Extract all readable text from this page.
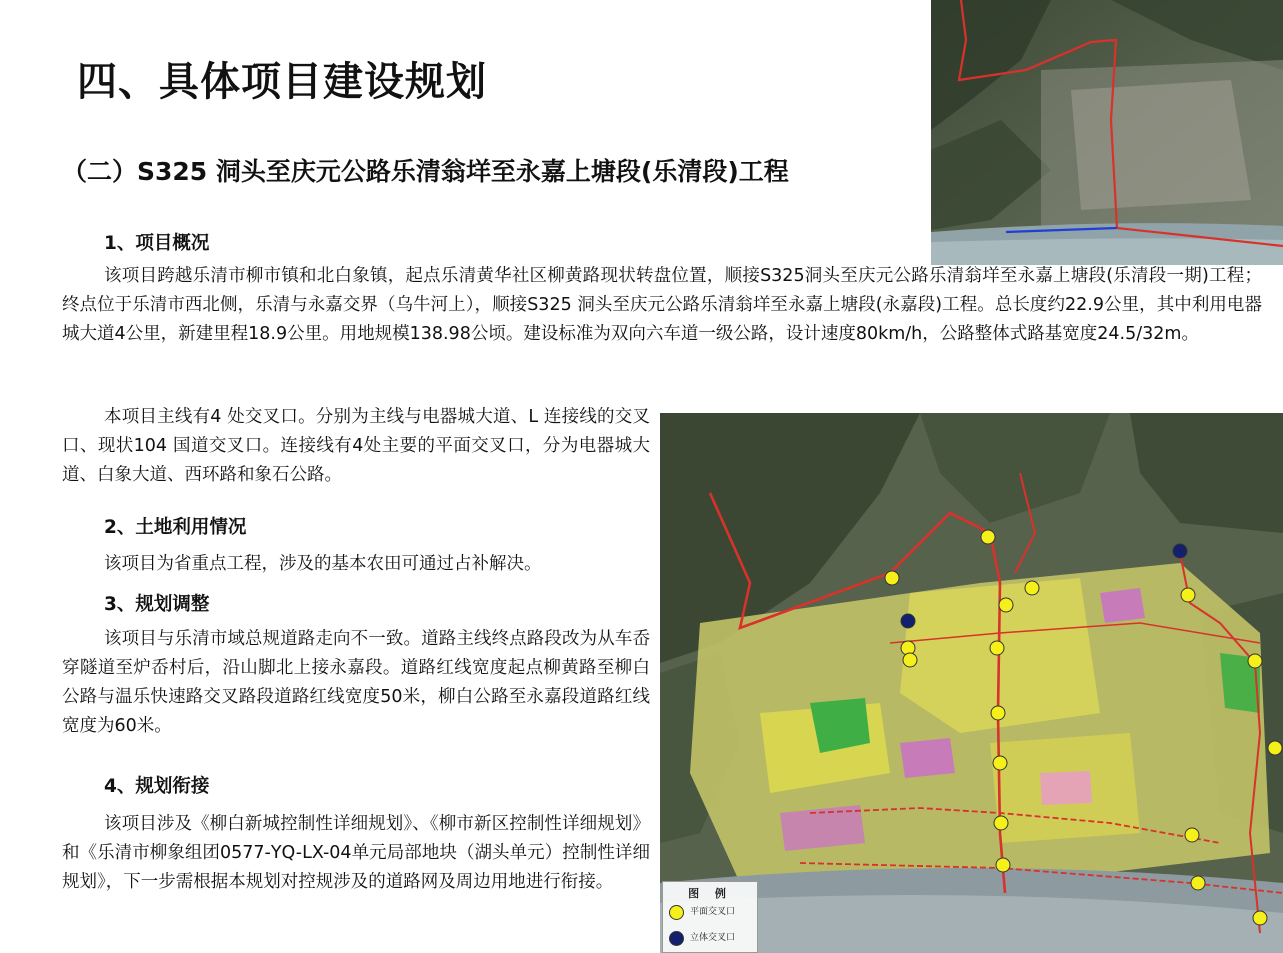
四、具体项目建设规划
（二）S325 洞头至庆元公路乐清翁垟至永嘉上塘段(乐清段)工程
1、项目概况

该项目跨越乐清市柳市镇和北白象镇，起点乐清黄华社区柳黄路现状转盘位置，顺接S325洞头至庆元公路乐清翁垟至永嘉上塘段(乐清段一期)工程；终点位于乐清市西北侧，乐清与永嘉交界（乌牛河上），顺接S325 洞头至庆元公路乐清翁垟至永嘉上塘段(永嘉段)工程。总长度约22.9公里，其中利用电器城大道4公里，新建里程18.9公里。用地规模138.98公顷。建设标准为双向六车道一级公路，设计速度80km/h，公路整体式路基宽度24.5/32m。

本项目主线有4 处交叉口。分别为主线与电器城大道、L 连接线的交叉口、现状104 国道交叉口。连接线有4处主要的平面交叉口，分为电器城大道、白象大道、西环路和象石公路。

2、土地利用情况

该项目为省重点工程，涉及的基本农田可通过占补解决。

3、规划调整

该项目与乐清市域总规道路走向不一致。道路主线终点路段改为从车岙穿隧道至炉岙村后，沿山脚北上接永嘉段。道路红线宽度起点柳黄路至柳白公路与温乐快速路交叉路段道路红线宽度50米，柳白公路至永嘉段道路红线宽度为60米。

4、规划衔接

该项目涉及《柳白新城控制性详细规划》、《柳市新区控制性详细规划》和《乐清市柳象组团0577-YQ-LX-04单元局部地块（湖头单元）控制性详细规划》，下一步需根据本规划对控规涉及的道路网及周边用地进行衔接。

图 例
平面交叉口
立体交叉口
